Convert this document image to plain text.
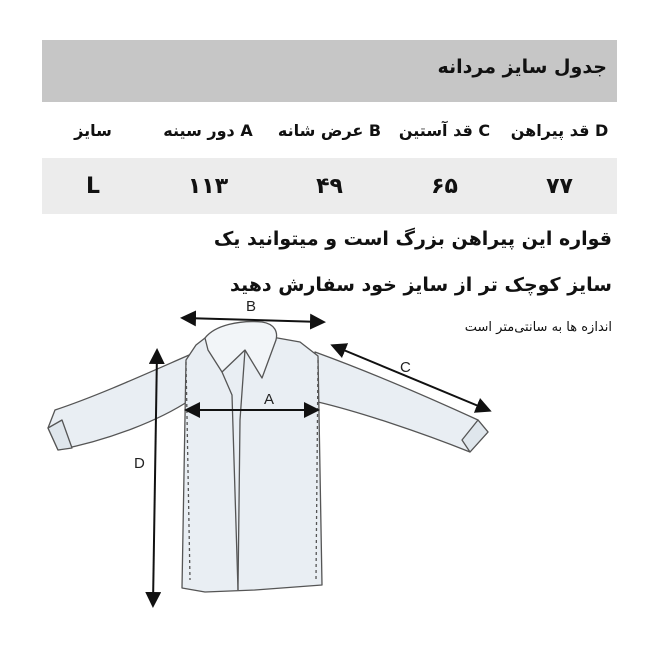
جدول سایز مردانه
D قد پیراهن
C قد آستین
B عرض شانه
A دور سینه
سایز
۷۷
۶۵
۴۹
۱۱۳
L
قواره این پیراهن بزرگ است و میتوانید یک
سایز کوچک تر از سایز خود سفارش دهید
اندازه ها به سانتی‌متر است
B
A
C
D
